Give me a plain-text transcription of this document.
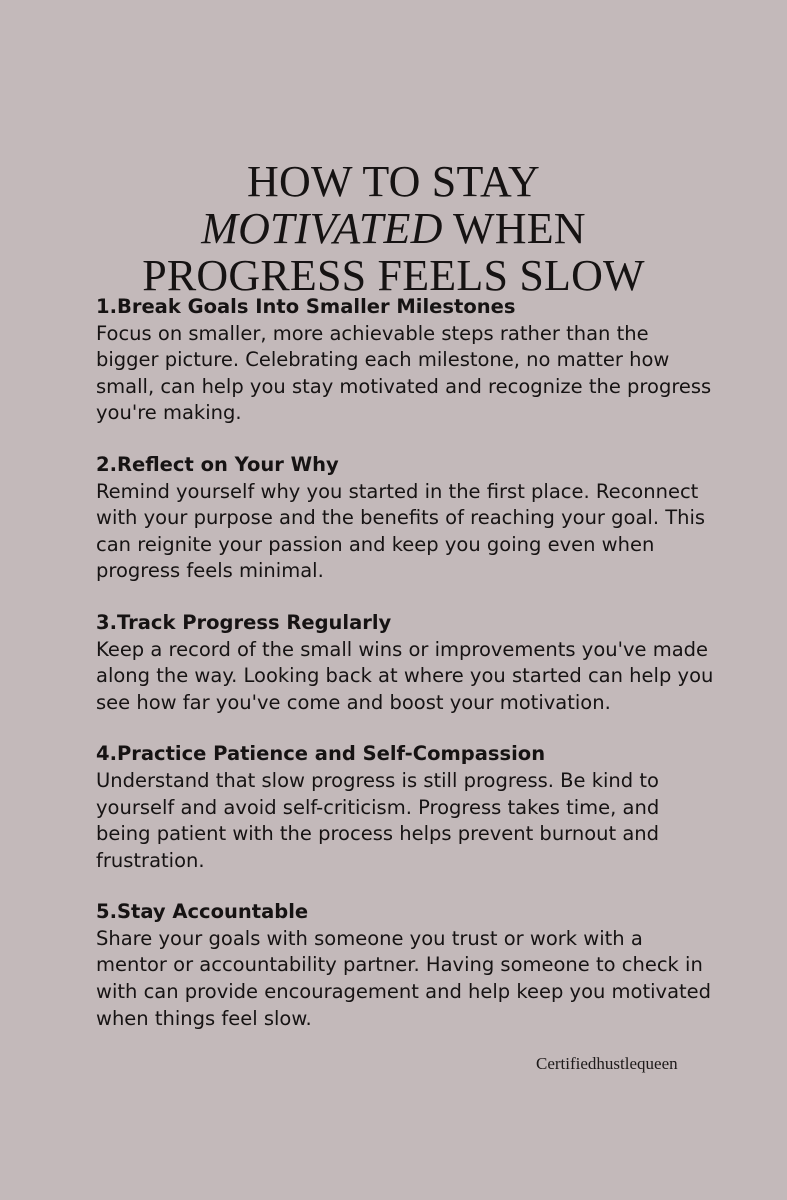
HOW TO STAY
MOTIVATED WHEN
PROGRESS FEELS SLOW
1.Break Goals Into Smaller Milestones

Focus on smaller, more achievable steps rather than the bigger picture. Celebrating each milestone, no matter how small, can help you stay motivated and recognize the progress you're making.

2.Reflect on Your Why

Remind yourself why you started in the first place. Reconnect with your purpose and the benefits of reaching your goal. This can reignite your passion and keep you going even when progress feels minimal.

3.Track Progress Regularly

Keep a record of the small wins or improvements you've made along the way. Looking back at where you started can help you see how far you've come and boost your motivation.

4.Practice Patience and Self-Compassion

Understand that slow progress is still progress. Be kind to yourself and avoid self-criticism. Progress takes time, and being patient with the process helps prevent burnout and frustration.

5.Stay Accountable

Share your goals with someone you trust or work with a mentor or accountability partner. Having someone to check in with can provide encouragement and help keep you motivated when things feel slow.

Certifiedhustlequeen
